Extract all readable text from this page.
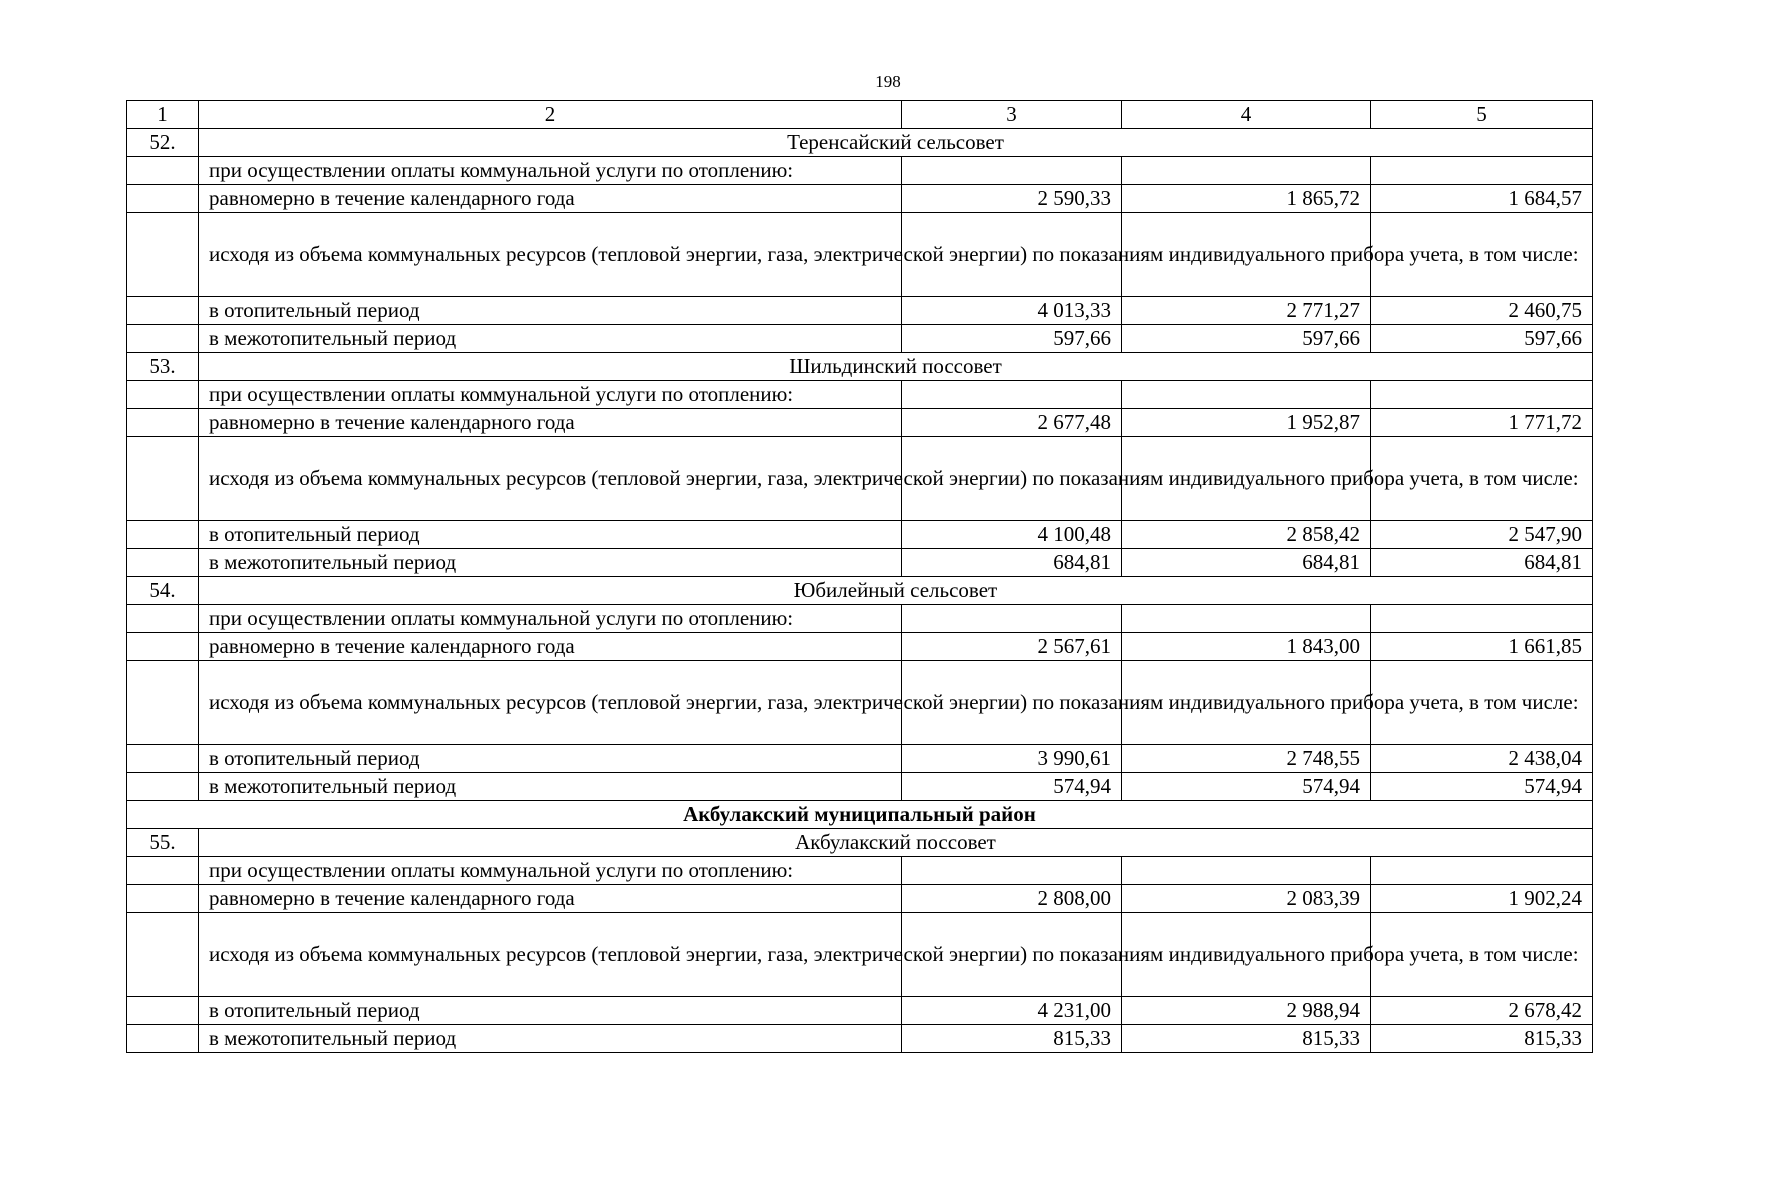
198
1	2	3	4	5
52.	Теренсайский сельсовет			
	при осуществлении оплаты коммунальной услуги по отоплению:			
	равномерно в течение календарного года	2 590,33	1 865,72	1 684,57
	исходя из объема коммунальных ресурсов (тепловой энергии, газа, электрической энергии) по показаниям индивидуального прибора учета, в том числе:			
	в отопительный период	4 013,33	2 771,27	2 460,75
	в межотопительный период	597,66	597,66	597,66
53.	Шильдинский поссовет			
	при осуществлении оплаты коммунальной услуги по отоплению:			
	равномерно в течение календарного года	2 677,48	1 952,87	1 771,72
	исходя из объема коммунальных ресурсов (тепловой энергии, газа, электрической энергии) по показаниям индивидуального прибора учета, в том числе:			
	в отопительный период	4 100,48	2 858,42	2 547,90
	в межотопительный период	684,81	684,81	684,81
54.	Юбилейный сельсовет			
	при осуществлении оплаты коммунальной услуги по отоплению:			
	равномерно в течение календарного года	2 567,61	1 843,00	1 661,85
	исходя из объема коммунальных ресурсов (тепловой энергии, газа, электрической энергии) по показаниям индивидуального прибора учета, в том числе:			
	в отопительный период	3 990,61	2 748,55	2 438,04
	в межотопительный период	574,94	574,94	574,94
Акбулакский муниципальный район				
55.	Акбулакский поссовет			
	при осуществлении оплаты коммунальной услуги по отоплению:			
	равномерно в течение календарного года	2 808,00	2 083,39	1 902,24
	исходя из объема коммунальных ресурсов (тепловой энергии, газа, электрической энергии) по показаниям индивидуального прибора учета, в том числе:			
	в отопительный период	4 231,00	2 988,94	2 678,42
	в межотопительный период	815,33	815,33	815,33
